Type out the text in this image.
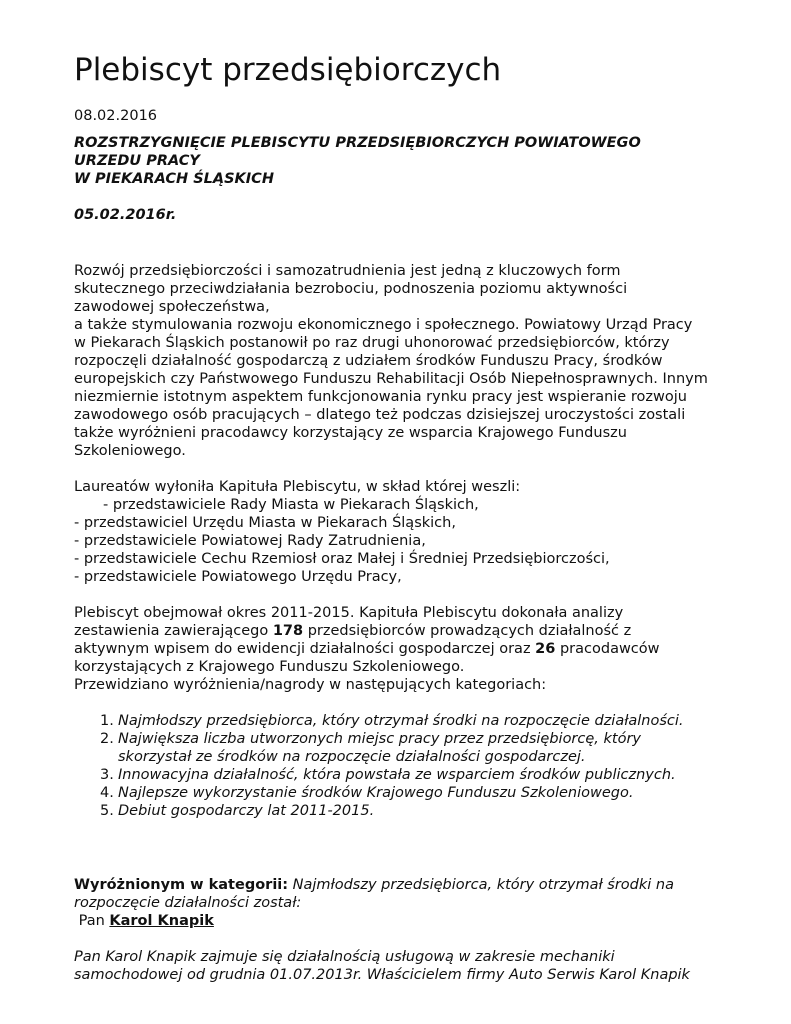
Plebiscyt przedsiębiorczych
08.02.2016
ROZSTRZYGNIĘCIE PLEBISCYTU PRZEDSIĘBIORCZYCH POWIATOWEGO
URZEDU PRACY
W PIEKARACH ŚLĄSKICH
05.02.2016r.
Rozwój przedsiębiorczości i samozatrudnienia jest jedną z kluczowych form
skutecznego przeciwdziałania bezrobociu, podnoszenia poziomu aktywności
zawodowej społeczeństwa,
a także stymulowania rozwoju ekonomicznego i społecznego. Powiatowy Urząd Pracy
w Piekarach Śląskich postanowił po raz drugi uhonorować przedsiębiorców, którzy
rozpoczęli działalność gospodarczą z udziałem środków Funduszu Pracy, środków
europejskich czy Państwowego Funduszu Rehabilitacji Osób Niepełnosprawnych. Innym
niezmiernie istotnym aspektem funkcjonowania rynku pracy jest wspieranie rozwoju
zawodowego osób pracujących – dlatego też podczas dzisiejszej uroczystości zostali
także wyróżnieni pracodawcy korzystający ze wsparcia Krajowego Funduszu
Szkoleniowego.
Laureatów wyłoniła Kapituła Plebiscytu, w skład której weszli:
- przedstawiciele Rady Miasta w Piekarach Śląskich,
- przedstawiciel Urzędu Miasta w Piekarach Śląskich,
- przedstawiciele Powiatowej Rady Zatrudnienia,
- przedstawiciele Cechu Rzemiosł oraz Małej i Średniej Przedsiębiorczości,
- przedstawiciele Powiatowego Urzędu Pracy,
Plebiscyt obejmował okres 2011-2015. Kapituła Plebiscytu dokonała analizy
zestawienia zawierającego 178 przedsiębiorców prowadzących działalność z
aktywnym wpisem do ewidencji działalności gospodarczej oraz 26 pracodawców
korzystających z Krajowego Funduszu Szkoleniowego.
Przewidziano wyróżnienia/nagrody w następujących kategoriach:
1. Najmłodszy przedsiębiorca, który otrzymał środki na rozpoczęcie działalności.
2. Największa liczba utworzonych miejsc pracy przez przedsiębiorcę, który
skorzystał ze środków na rozpoczęcie działalności gospodarczej.
3. Innowacyjna działalność, która powstała ze wsparciem środków publicznych.
4. Najlepsze wykorzystanie środków Krajowego Funduszu Szkoleniowego.
5. Debiut gospodarczy lat 2011-2015.
Wyróżnionym w kategorii: Najmłodszy przedsiębiorca, który otrzymał środki na
rozpoczęcie działalności został:
Pan Karol Knapik
Pan Karol Knapik zajmuje się działalnością usługową w zakresie mechaniki
samochodowej od grudnia 01.07.2013r. Właścicielem firmy Auto Serwis Karol Knapik
